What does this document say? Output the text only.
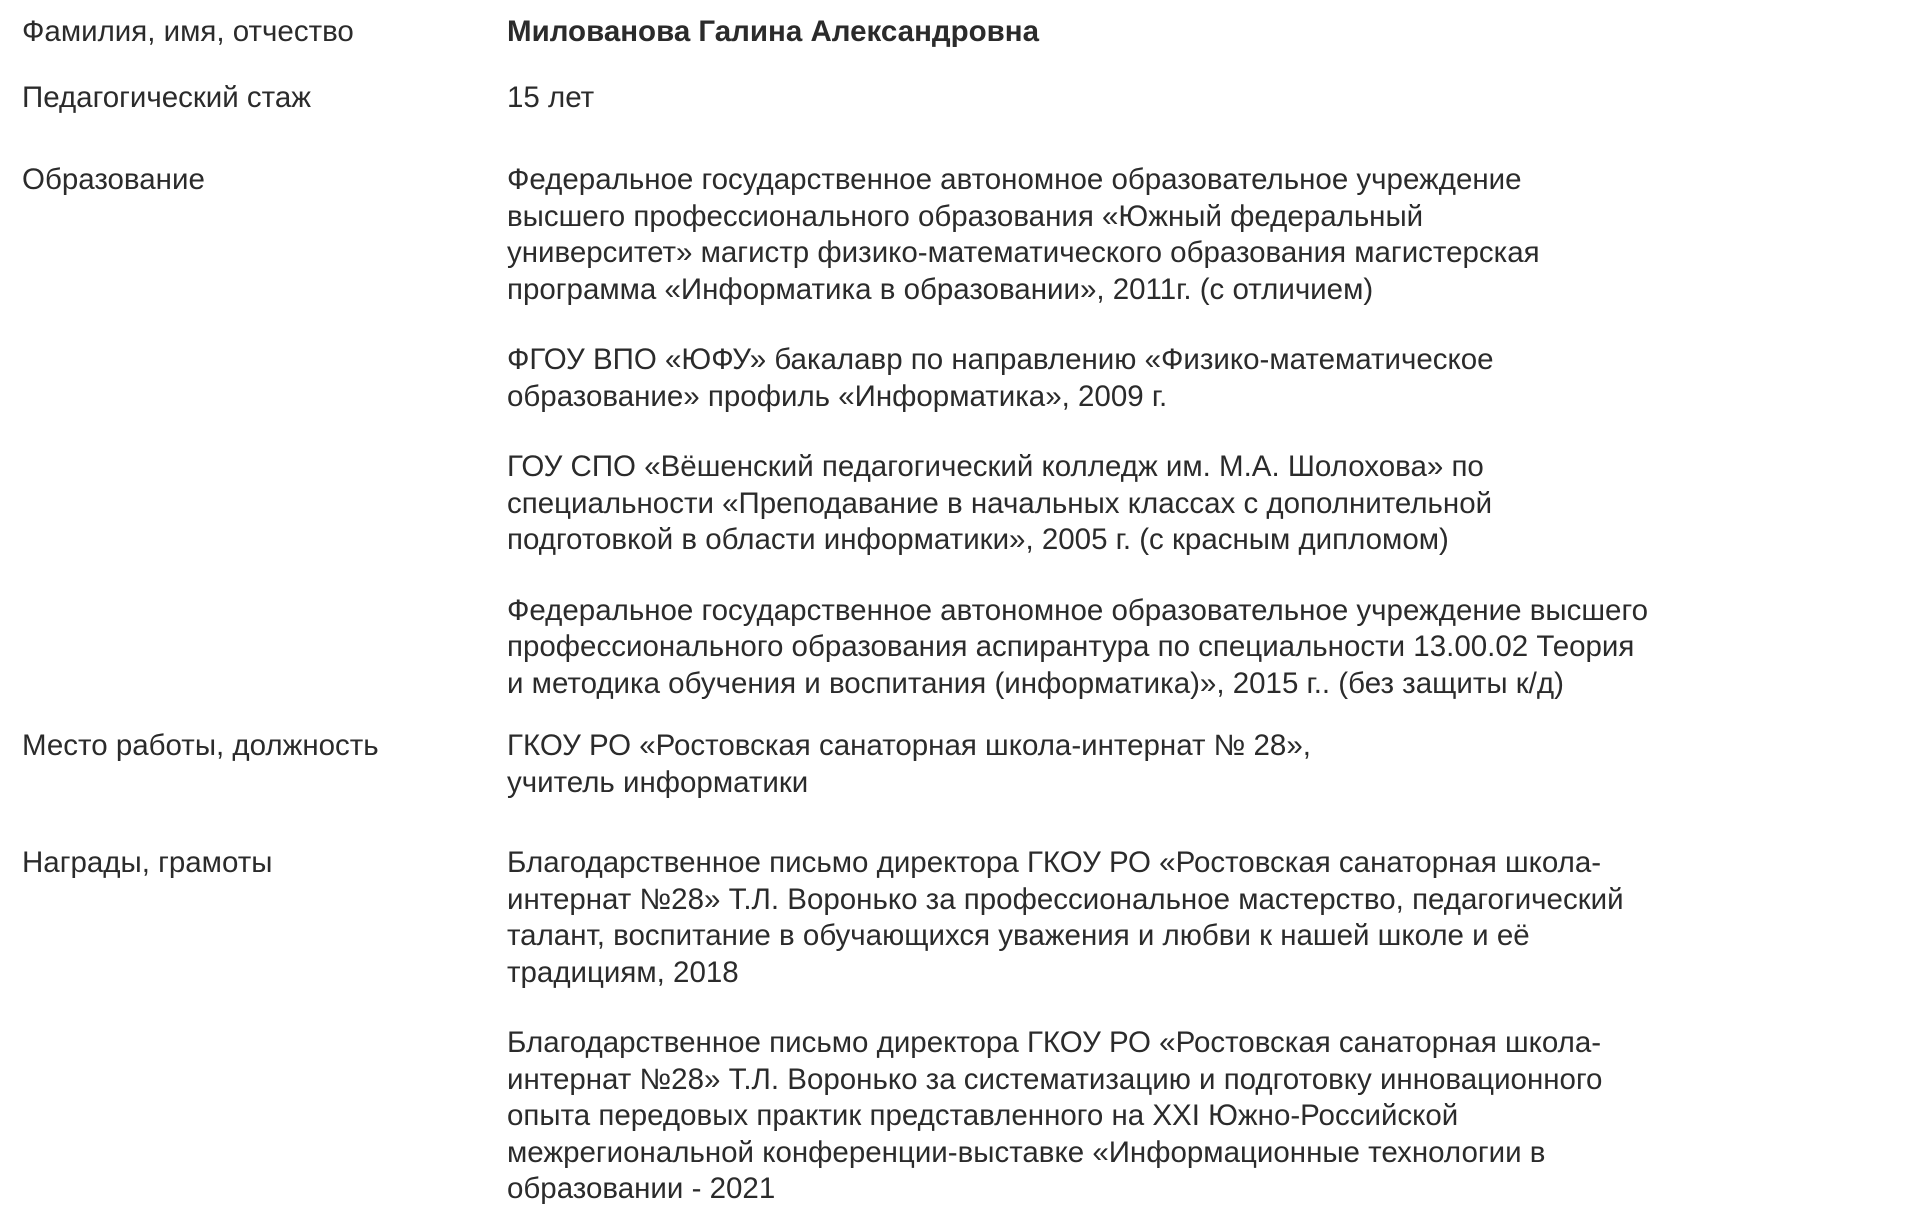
Фамилия, имя, отчество	Милованова Галина Александровна
Педагогический стаж	15 лет
Образование	Федеральное государственное автономное образовательное учреждение высшего профессионального образования «Южный федеральный университет» магистр физико-математического образования магистерская программа «Информатика в образовании», 2011г. (с отличием)

ФГОУ ВПО «ЮФУ» бакалавр по направлению «Физико-математическое образование» профиль «Информатика», 2009 г.

ГОУ СПО «Вёшенский педагогический колледж им. М.А. Шолохова» по специальности «Преподавание в начальных классах с дополнительной подготовкой в области информатики», 2005 г. (с красным дипломом)

Федеральное государственное автономное образовательное учреждение высшего профессионального образования аспирантура по специальности 13.00.02 Теория и методика обучения и воспитания (информатика)», 2015 г.. (без защиты к/д)

Место работы, должность	ГКОУ РО «Ростовская санаторная школа-интернат № 28»,
учитель информатики
Награды, грамоты	Благодарственное письмо директора ГКОУ РО «Ростовская санаторная школа-интернат №28» Т.Л. Воронько за профессиональное мастерство, педагогический талант, воспитание в обучающихся уважения и любви к нашей школе и её традициям, 2018

Благодарственное письмо директора ГКОУ РО «Ростовская санаторная школа-интернат №28» Т.Л. Воронько за систематизацию и подготовку инновационного опыта передовых практик представленного на XXI Южно-Российской межрегиональной конференции-выставке «Информационные технологии в образовании - 2021
